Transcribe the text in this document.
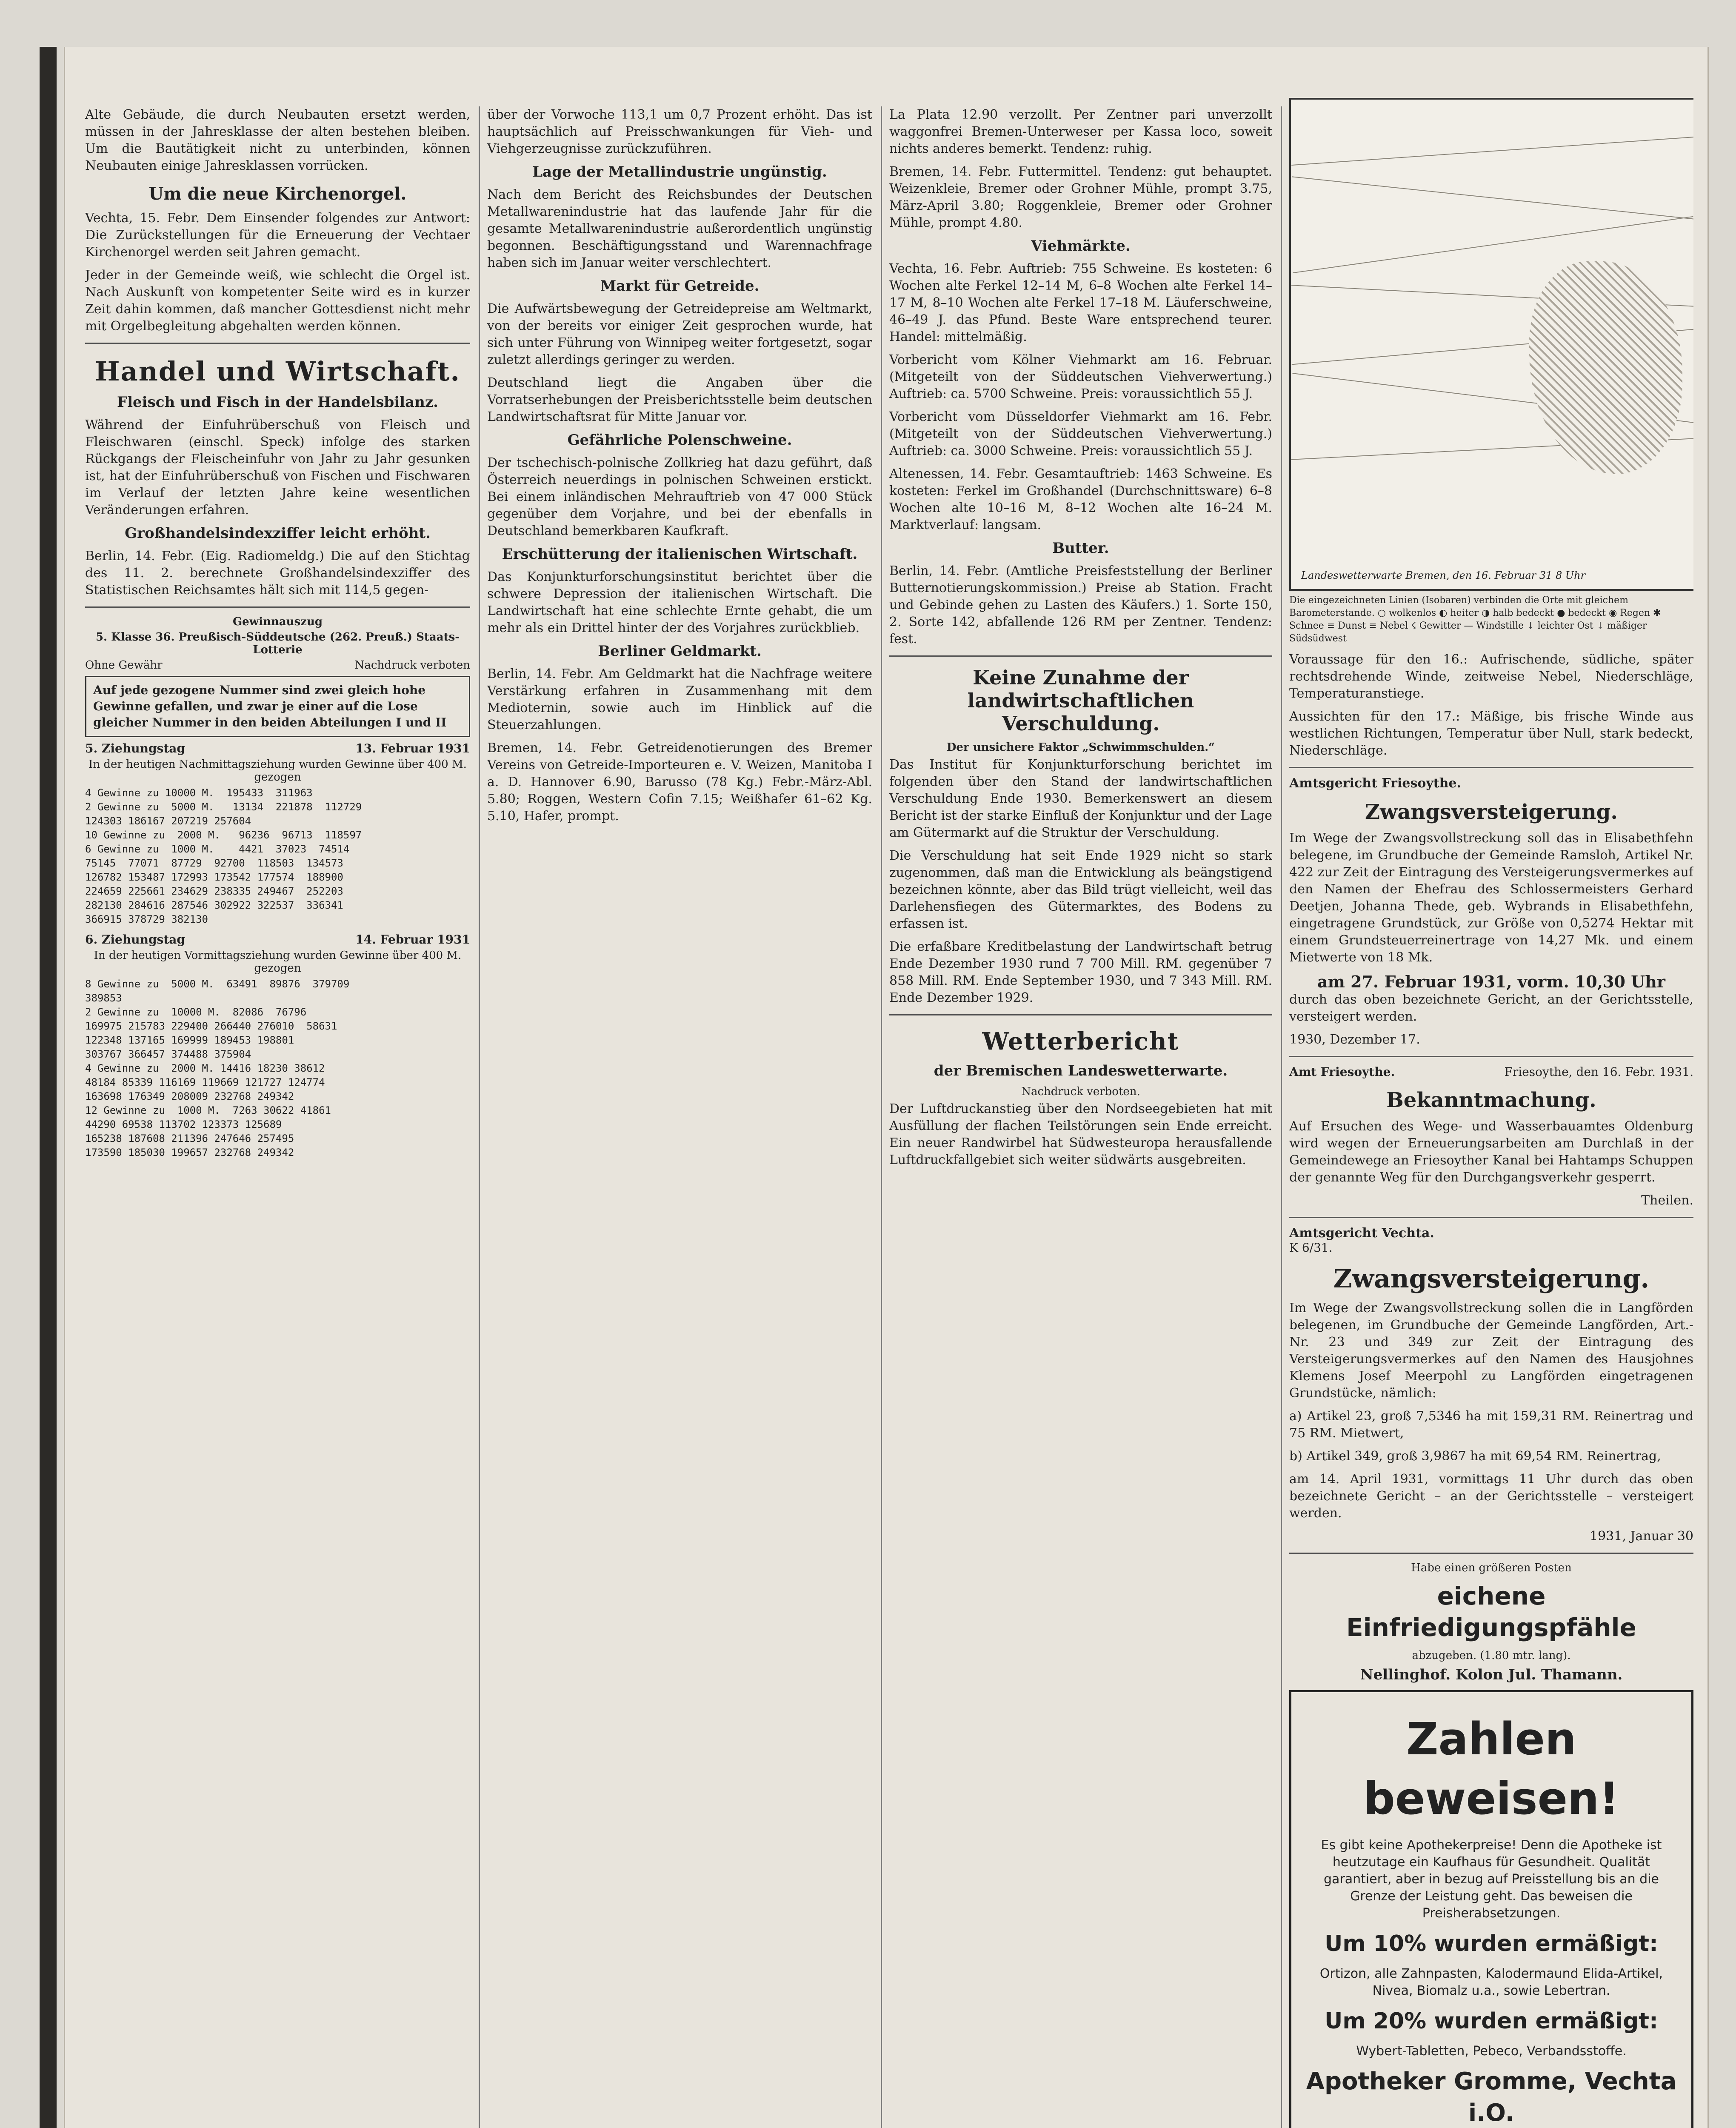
Alte Gebäude, die durch Neubauten ersetzt werden, müssen in der Jahresklasse der alten bestehen bleiben. Um die Bautätigkeit nicht zu unterbinden, können Neubauten einige Jahresklassen vorrücken.

Um die neue Kirchenorgel.

Vechta, 15. Febr. Dem Einsender folgendes zur Antwort: Die Zurückstellungen für die Erneuerung der Vechtaer Kirchenorgel werden seit Jahren gemacht.

Jeder in der Gemeinde weiß, wie schlecht die Orgel ist. Nach Auskunft von kompetenter Seite wird es in kurzer Zeit dahin kommen, daß mancher Gottesdienst nicht mehr mit Orgelbegleitung abgehalten werden können.

Handel und Wirtschaft.
Fleisch und Fisch in der Handelsbilanz.

Während der Einfuhrüberschuß von Fleisch und Fleischwaren (einschl. Speck) infolge des starken Rückgangs der Fleischeinfuhr von Jahr zu Jahr gesunken ist, hat der Einfuhrüberschuß von Fischen und Fischwaren im Verlauf der letzten Jahre keine wesentlichen Veränderungen erfahren.

Großhandelsindexziffer leicht erhöht.

Berlin, 14. Febr. (Eig. Radiomeldg.) Die auf den Stichtag des 11. 2. berechnete Großhandelsindexziffer des Statistischen Reichsamtes hält sich mit 114,5 gegen-

Gewinnauszug
5. Klasse 36. Preußisch-Süddeutsche (262. Preuß.) Staats-Lotterie
Ohne Gewähr	Nachdruck verboten
Auf jede gezogene Nummer sind zwei gleich hohe Gewinne gefallen, und zwar je einer auf die Lose gleicher Nummer in den beiden Abteilungen I und II
5. Ziehungstag	13. Februar 1931
In der heutigen Nachmittagsziehung wurden Gewinne über 400 M. gezogen
4 Gewinne zu 10000 M.  195433  311963
2 Gewinne zu  5000 M.   13134  221878  112729
124303 186167 207219 257604
10 Gewinne zu  2000 M.   96236  96713  118597
6 Gewinne zu  1000 M.    4421  37023  74514
75145  77071  87729  92700  118503  134573
126782 153487 172993 173542 177574  188900
224659 225661 234629 238335 249467  252203
282130 284616 287546 302922 322537  336341
366915 378729 382130
6. Ziehungstag	14. Februar 1931
In der heutigen Vormittagsziehung wurden Gewinne über 400 M. gezogen
8 Gewinne zu  5000 M.  63491  89876  379709
389853
2 Gewinne zu  10000 M.  82086  76796
169975 215783 229400 266440 276010  58631
122348 137165 169999 189453 198801
303767 366457 374488 375904
4 Gewinne zu  2000 M. 14416 18230 38612
48184 85339 116169 119669 121727 124774
163698 176349 208009 232768 249342
12 Gewinne zu  1000 M.  7263 30622 41861
44290 69538 113702 123373 125689
165238 187608 211396 247646 257495
173590 185030 199657 232768 249342

über der Vorwoche 113,1 um 0,7 Prozent erhöht. Das ist hauptsächlich auf Preisschwankungen für Vieh- und Viehgerzeugnisse zurückzuführen.

Lage der Metallindustrie ungünstig.

Nach dem Bericht des Reichsbundes der Deutschen Metallwarenindustrie hat das laufende Jahr für die gesamte Metallwarenindustrie außerordentlich ungünstig begonnen. Beschäftigungsstand und Warennachfrage haben sich im Januar weiter verschlechtert.

Markt für Getreide.

Die Aufwärtsbewegung der Getreidepreise am Weltmarkt, von der bereits vor einiger Zeit gesprochen wurde, hat sich unter Führung von Winnipeg weiter fortgesetzt, sogar zuletzt allerdings geringer zu werden.

Deutschland liegt die Angaben über die Vorratserhebungen der Preisberichtsstelle beim deutschen Landwirtschaftsrat für Mitte Januar vor.

Gefährliche Polenschweine.

Der tschechisch-polnische Zollkrieg hat dazu geführt, daß Österreich neuerdings in polnischen Schweinen erstickt. Bei einem inländischen Mehrauftrieb von 47 000 Stück gegenüber dem Vorjahre, und bei der ebenfalls in Deutschland bemerkbaren Kaufkraft.

Erschütterung der italienischen Wirtschaft.

Das Konjunkturforschungsinstitut berichtet über die schwere Depression der italienischen Wirtschaft. Die Landwirtschaft hat eine schlechte Ernte gehabt, die um mehr als ein Drittel hinter der des Vorjahres zurückblieb.

Berliner Geldmarkt.

Berlin, 14. Febr. Am Geldmarkt hat die Nachfrage weitere Verstärkung erfahren in Zusammenhang mit dem Medioternin, sowie auch im Hinblick auf die Steuerzahlungen.

Bremen, 14. Febr. Getreidenotierungen des Bremer Vereins von Getreide-Importeuren e. V. Weizen, Manitoba I a. D. Hannover 6.90, Barusso (78 Kg.) Febr.-März-Abl. 5.80; Roggen, Western Cofin 7.15; Weißhafer 61–62 Kg. 5.10, Hafer, prompt.

La Plata 12.90 verzollt. Per Zentner pari unverzollt waggonfrei Bremen-Unterweser per Kassa loco, soweit nichts anderes bemerkt. Tendenz: ruhig.

Bremen, 14. Febr. Futtermittel. Tendenz: gut behauptet. Weizenkleie, Bremer oder Grohner Mühle, prompt 3.75, März-April 3.80; Roggenkleie, Bremer oder Grohner Mühle, prompt 4.80.

Viehmärkte.

Vechta, 16. Febr. Auftrieb: 755 Schweine. Es kosteten: 6 Wochen alte Ferkel 12–14 M, 6–8 Wochen alte Ferkel 14–17 M, 8–10 Wochen alte Ferkel 17–18 M. Läuferschweine, 46–49 J. das Pfund. Beste Ware entsprechend teurer. Handel: mittelmäßig.

Vorbericht vom Kölner Viehmarkt am 16. Februar. (Mitgeteilt von der Süddeutschen Viehverwertung.) Auftrieb: ca. 5700 Schweine. Preis: voraussichtlich 55 J.

Vorbericht vom Düsseldorfer Viehmarkt am 16. Febr. (Mitgeteilt von der Süddeutschen Viehverwertung.) Auftrieb: ca. 3000 Schweine. Preis: voraussichtlich 55 J.

Altenessen, 14. Febr. Gesamtauftrieb: 1463 Schweine. Es kosteten: Ferkel im Großhandel (Durchschnittsware) 6–8 Wochen alte 10–16 M, 8–12 Wochen alte 16–24 M. Marktverlauf: langsam.

Butter.

Berlin, 14. Febr. (Amtliche Preisfeststellung der Berliner Butternotierungskommission.) Preise ab Station. Fracht und Gebinde gehen zu Lasten des Käufers.) 1. Sorte 150, 2. Sorte 142, abfallende 126 RM per Zentner. Tendenz: fest.

Keine Zunahme der landwirtschaftlichen Verschuldung.
Der unsichere Faktor „Schwimmschulden.“

Das Institut für Konjunkturforschung berichtet im folgenden über den Stand der landwirtschaftlichen Verschuldung Ende 1930. Bemerkenswert an diesem Bericht ist der starke Einfluß der Konjunktur und der Lage am Gütermarkt auf die Struktur der Verschuldung.

Die Verschuldung hat seit Ende 1929 nicht so stark zugenommen, daß man die Entwicklung als beängstigend bezeichnen könnte, aber das Bild trügt vielleicht, weil das Darlehensfiegen des Gütermarktes, des Bodens zu erfassen ist.

Die erfaßbare Kreditbelastung der Landwirtschaft betrug Ende Dezember 1930 rund 7 700 Mill. RM. gegenüber 7 858 Mill. RM. Ende September 1930, und 7 343 Mill. RM. Ende Dezember 1929.

Wetterbericht
der Bremischen Landeswetterwarte.
Nachdruck verboten.

Der Luftdruckanstieg über den Nordseegebieten hat mit Ausfüllung der flachen Teilstörungen sein Ende erreicht. Ein neuer Randwirbel hat Südwesteuropa herausfallende Luftdruckfallgebiet sich weiter südwärts ausgebreiten.

Landeswetterwarte Bremen, den 16. Februar 31 8 Uhr
Die eingezeichneten Linien (Isobaren) verbinden die Orte mit gleichem Barometerstande. ○ wolkenlos ◐ heiter ◑ halb bedeckt ● bedeckt ◉ Regen ✱ Schnee ≡ Dunst ≡ Nebel ☇ Gewitter — Windstille ↓ leichter Ost ↓ mäßiger Südsüdwest

Voraussage für den 16.: Aufrischende, südliche, später rechtsdrehende Winde, zeitweise Nebel, Niederschläge, Temperaturanstiege.

Aussichten für den 17.: Mäßige, bis frische Winde aus westlichen Richtungen, Temperatur über Null, stark bedeckt, Niederschläge.

Amtsgericht Friesoythe.
Zwangsversteigerung.

Im Wege der Zwangsvollstreckung soll das in Elisabethfehn belegene, im Grundbuche der Gemeinde Ramsloh, Artikel Nr. 422 zur Zeit der Eintragung des Versteigerungsvermerkes auf den Namen der Ehefrau des Schlossermeisters Gerhard Deetjen, Johanna Thede, geb. Wybrands in Elisabethfehn, eingetragene Grundstück, zur Größe von 0,5274 Hektar mit einem Grundsteuerreinertrage von 14,27 Mk. und einem Mietwerte von 18 Mk.

am 27. Februar 1931, vorm. 10,30 Uhr

durch das oben bezeichnete Gericht, an der Gerichtsstelle, versteigert werden.

1930, Dezember 17.

Amt Friesoythe.	Friesoythe, den 16. Febr. 1931.
Bekanntmachung.

Auf Ersuchen des Wege- und Wasserbauamtes Oldenburg wird wegen der Erneuerungsarbeiten am Durchlaß in der Gemeindewege an Friesoyther Kanal bei Hahtamps Schuppen der genannte Weg für den Durchgangsverkehr gesperrt.

Theilen.

Amtsgericht Vechta.
K 6/31.
Zwangsversteigerung.

Im Wege der Zwangsvollstreckung sollen die in Langförden belegenen, im Grundbuche der Gemeinde Langförden, Art.-Nr. 23 und 349 zur Zeit der Eintragung des Versteigerungsvermerkes auf den Namen des Hausjohnes Klemens Josef Meerpohl zu Langförden eingetragenen Grundstücke, nämlich:

a) Artikel 23, groß 7,5346 ha mit 159,31 RM. Reinertrag und 75 RM. Mietwert,

b) Artikel 349, groß 3,9867 ha mit 69,54 RM. Reinertrag,

am 14. April 1931, vormittags 11 Uhr durch das oben bezeichnete Gericht – an der Gerichtsstelle – versteigert werden.

1931, Januar 30

Habe einen größeren Posten
eichene Einfriedigungspfähle
abzugeben. (1.80 mtr. lang).
Nellinghof. Kolon Jul. Thamann.
Zahlen beweisen!

Es gibt keine Apothekerpreise! Denn die Apotheke ist heutzutage ein Kaufhaus für Gesundheit. Qualität garantiert, aber in bezug auf Preisstellung bis an die Grenze der Leistung geht. Das beweisen die Preisherabsetzungen.

Um 10% wurden ermäßigt:

Ortizon, alle Zahnpasten, Kalodermaund Elida-Artikel, Nivea, Biomalz u.a., sowie Lebertran.

Um 20% wurden ermäßigt:

Wybert-Tabletten, Pebeco, Verbandsstoffe.

Apotheker Gromme, Vechta i.O.
